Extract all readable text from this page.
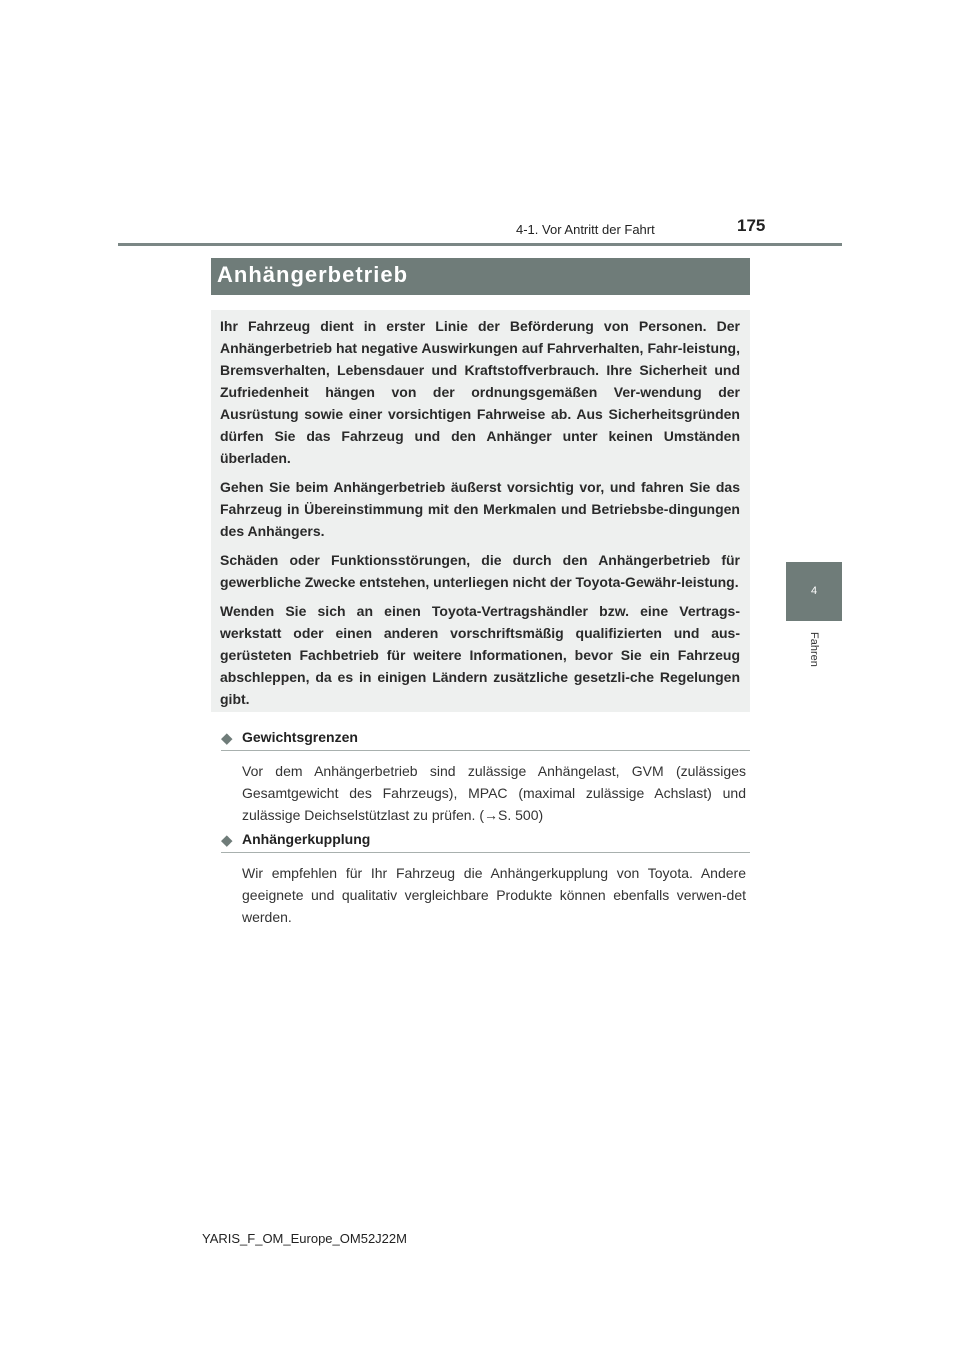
4-1. Vor Antritt der Fahrt	175
4
Fahren
Anhängerbetrieb

Ihr Fahrzeug dient in erster Linie der Beförderung von Personen. Der Anhängerbetrieb hat negative Auswirkungen auf Fahrverhalten, Fahr-leistung, Bremsverhalten, Lebensdauer und Kraftstoffverbrauch. Ihre Sicherheit und Zufriedenheit hängen von der ordnungsgemäßen Ver-wendung der Ausrüstung sowie einer vorsichtigen Fahrweise ab. Aus Sicherheitsgründen dürfen Sie das Fahrzeug und den Anhänger unter keinen Umständen überladen.

Gehen Sie beim Anhängerbetrieb äußerst vorsichtig vor, und fahren Sie das Fahrzeug in Übereinstimmung mit den Merkmalen und Betriebsbe-dingungen des Anhängers.

Schäden oder Funktionsstörungen, die durch den Anhängerbetrieb für gewerbliche Zwecke entstehen, unterliegen nicht der Toyota-Gewähr-leistung.

Wenden Sie sich an einen Toyota-Vertragshändler bzw. eine Vertrags-werkstatt oder einen anderen vorschriftsmäßig qualifizierten und aus-gerüsteten Fachbetrieb für weitere Informationen, bevor Sie ein Fahrzeug abschleppen, da es in einigen Ländern zusätzliche gesetzli-che Regelungen gibt.

◆ Gewichtsgrenzen
Vor dem Anhängerbetrieb sind zulässige Anhängelast, GVM (zulässiges Gesamtgewicht des Fahrzeugs), MPAC (maximal zulässige Achslast) und zulässige Deichselstützlast zu prüfen. (→S. 500)
◆ Anhängerkupplung
Wir empfehlen für Ihr Fahrzeug die Anhängerkupplung von Toyota. Andere geeignete und qualitativ vergleichbare Produkte können ebenfalls verwen-det werden.
YARIS_F_OM_Europe_OM52J22M
